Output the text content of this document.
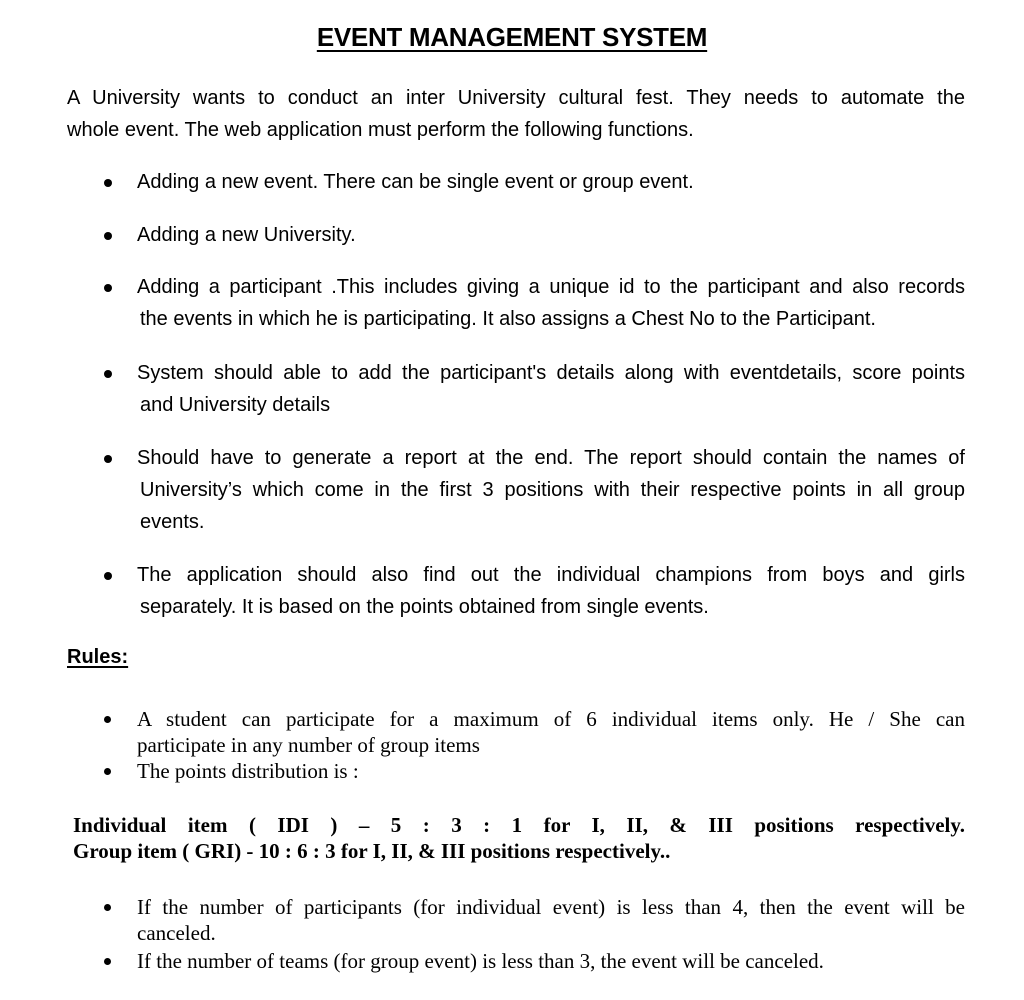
EVENT MANAGEMENT SYSTEM
A University wants to conduct an inter University cultural fest. They needs to automate the
whole event. The web application must perform the following functions.
Adding a new event. There can be single event or group event.
Adding a new University.
Adding a participant .This includes giving a unique id to the participant and also records
the events in which he is participating. It also assigns a Chest No to the Participant.
System should able to add the participant's details along with eventdetails, score points
and University details
Should have to generate a report at the end. The report should contain the names of
University’s which come in the first 3 positions with their respective points in all group
events.
The application should also find out the individual champions from boys and girls
separately. It is based on the points obtained from single events.
Rules:
A student can participate for a maximum of 6 individual items only. He / She can
participate in any number of group items
The points distribution is :
Individual item ( IDI ) – 5 : 3 : 1 for I, II, & III positions respectively.
Group item ( GRI) - 10 : 6 : 3 for I, II, & III positions respectively..
If the number of participants (for individual event) is less than 4, then the event will be
canceled.
If the number of teams (for group event) is less than 3, the event will be canceled.
